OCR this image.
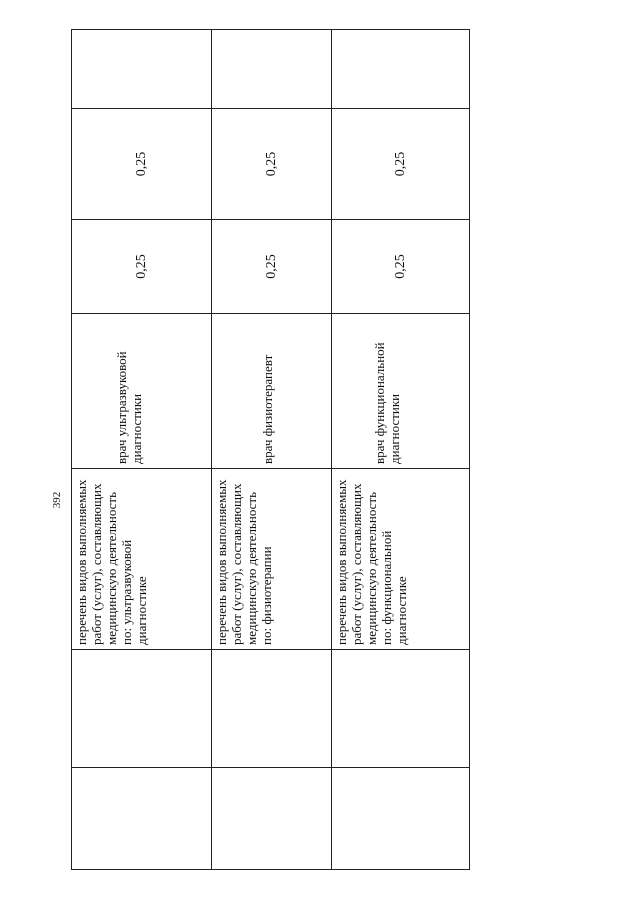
392

		перечень видов выполняемых работ (услуг), составляющих медицинскую деятельность по: ультразвуковой диагностике	врач ультразвуковой диагностики	0,25	0,25	

		перечень видов выполняемых работ (услуг), составляющих медицинскую деятельность по: физиотерапии	врач физиотерапевт	0,25	0,25	

		перечень видов выполняемых работ (услуг), составляющих медицинскую деятельность по: функциональной диагностике	врач функциональной диагностики	0,25	0,25	
